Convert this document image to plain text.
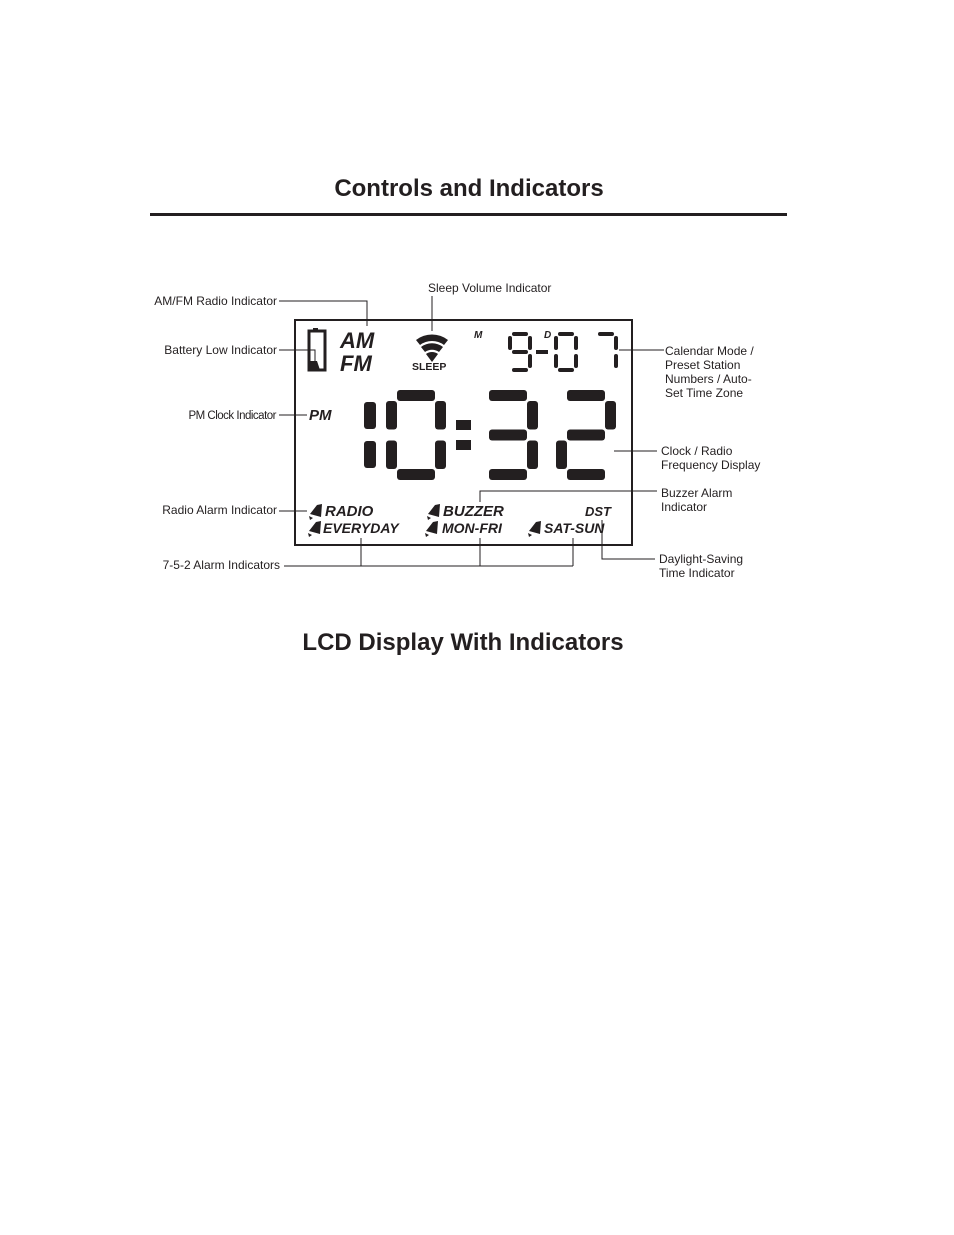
Controls and Indicators
AM
FM	SLEEP
M	D
PM
RADIO	BUZZER	DST
EVERYDAY	MON-FRI	SAT-SUN
AM/FM Radio Indicator
Sleep Volume Indicator
Battery Low Indicator	Calendar Mode /
Preset Station
Numbers / Auto-
Set Time Zone
PM Clock Indicator
Clock / Radio
Frequency Display
Buzzer Alarm
Indicator
Radio Alarm Indicator
7-5-2 Alarm Indicators	Daylight-Saving
Time Indicator
LCD Display With Indicators
